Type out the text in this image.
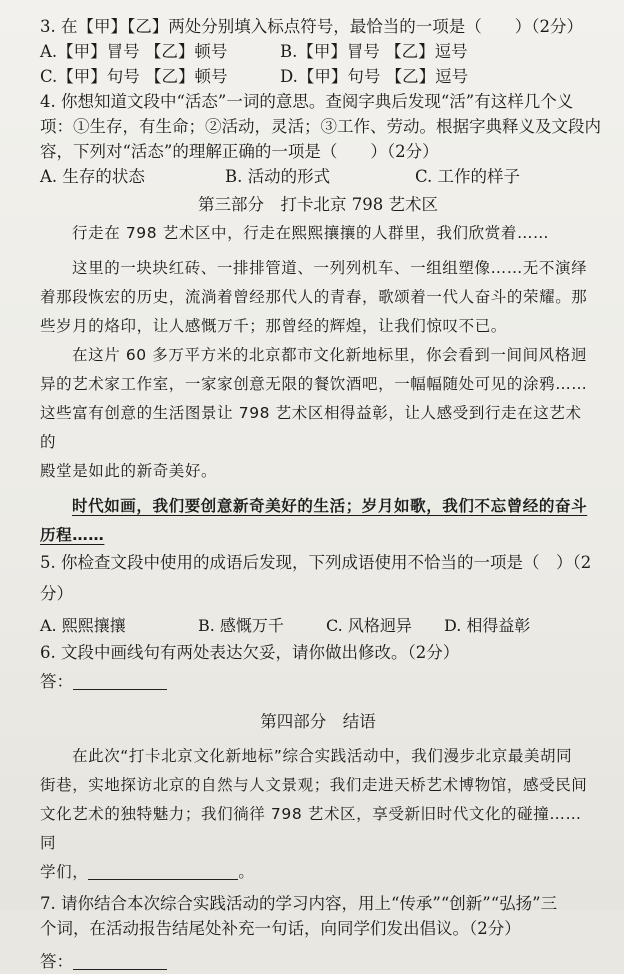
3. 在【甲】【乙】两处分别填入标点符号，最恰当的一项是（　　）（2分）
A.【甲】冒号 【乙】顿号	B.【甲】冒号 【乙】逗号
C.【甲】句号 【乙】顿号	D.【甲】句号 【乙】逗号
4. 你想知道文段中“活态”一词的意思。查阅字典后发现“活”有这样几个义
项：①生存，有生命；②活动，灵活；③工作、劳动。根据字典释义及文段内
容，下列对“活态”的理解正确的一项是（　　）（2分）
A. 生存的状态	B. 活动的形式	C. 工作的样子
第三部分　打卡北京 798 艺术区

行走在 798 艺术区中，行走在熙熙攘攘的人群里，我们欣赏着……

这里的一块块红砖、一排排管道、一列列机车、一组组塑像……无不演绎

着那段恢宏的历史，流淌着曾经那代人的青春，歌颂着一代人奋斗的荣耀。那

些岁月的烙印，让人感慨万千；那曾经的辉煌，让我们惊叹不已。

在这片 60 多万平方米的北京都市文化新地标里，你会看到一间间风格迥

异的艺术家工作室，一家家创意无限的餐饮酒吧，一幅幅随处可见的涂鸦……

这些富有创意的生活图景让 798 艺术区相得益彰，让人感受到行走在这艺术的

殿堂是如此的新奇美好。

时代如画，我们要创意新奇美好的生活；岁月如歌，我们不忘曾经的奋斗

历程……

5. 你检查文段中使用的成语后发现，下列成语使用不恰当的一项是（　）（2
分）
A. 熙熙攘攘	B. 感慨万千	C. 风格迥异	D. 相得益彰
6. 文段中画线句有两处表达欠妥，请你做出修改。（2分）
答：
第四部分　结语

在此次“打卡北京文化新地标”综合实践活动中，我们漫步北京最美胡同

街巷，实地探访北京的自然与人文景观；我们走进天桥艺术博物馆，感受民间

文化艺术的独特魅力；我们徜徉 798 艺术区，享受新旧时代文化的碰撞……同

学们，	。

7. 请你结合本次综合实践活动的学习内容，用上“传承”“创新”“弘扬”三
个词，在活动报告结尾处补充一句话，向同学们发出倡议。（2分）
答：
